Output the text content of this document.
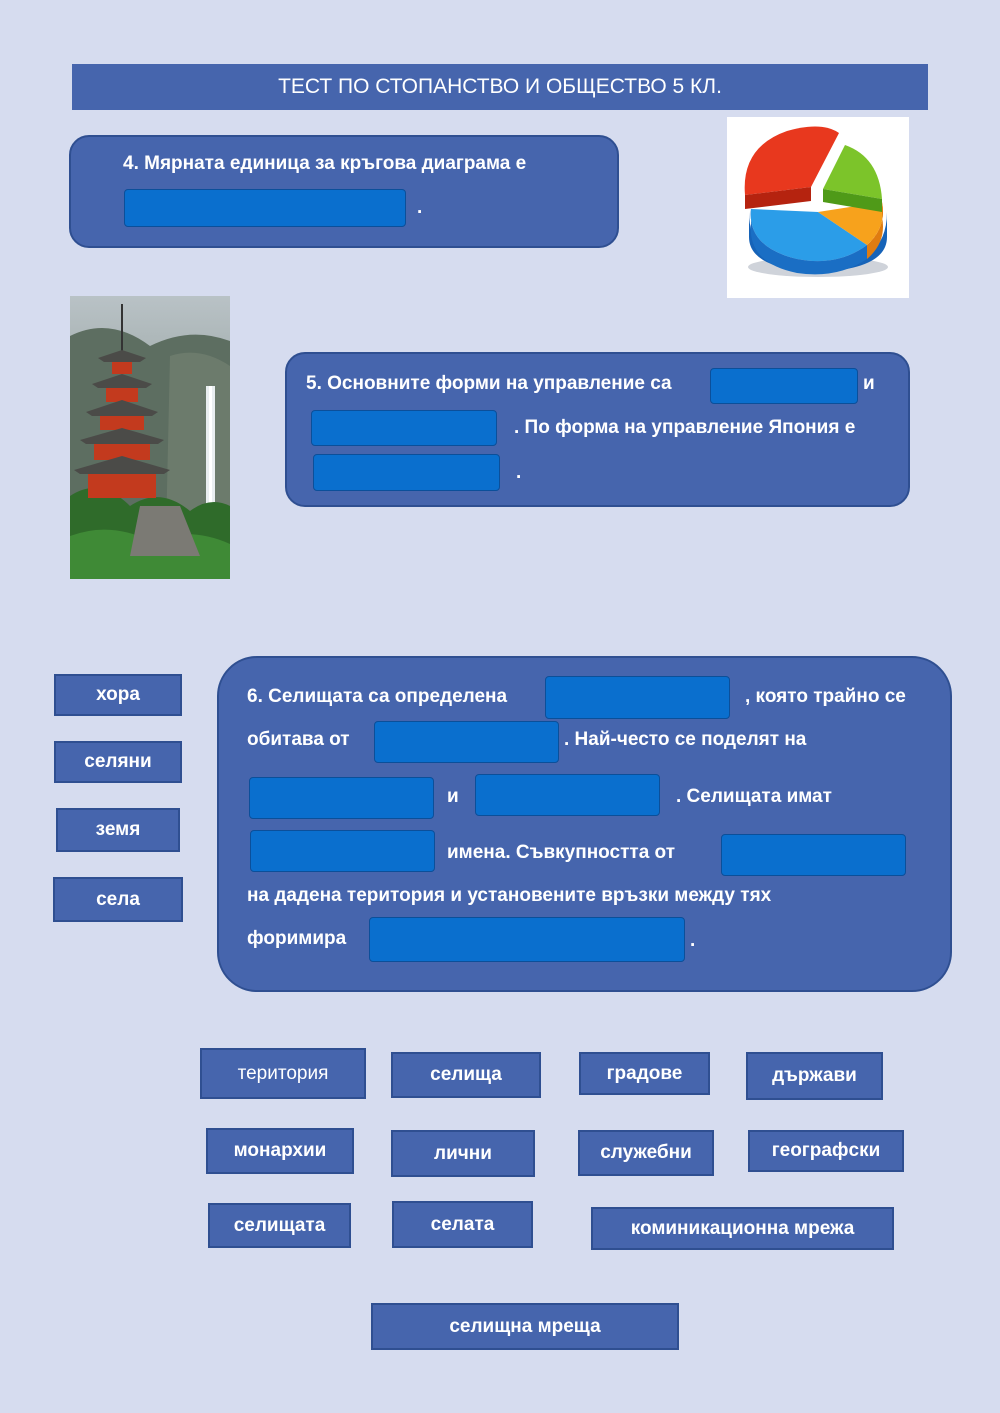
ТЕСТ ПО СТОПАНСТВО И ОБЩЕСТВО 5 КЛ.
4. Мярната единица за кръгова диаграма е
.
5. Основните форми на управление са	и
. По форма на управление Япония е
.
хора
селяни
земя
села
6. Селищата са определена	, която трайно се
обитава от	. Най-често се поделят на
и	. Селищата имат
имена. Съвкупността от
на дадена територия и установените връзки между тях
форимира	.
територия	селища	градове	държави
монархии	лични	служебни	географски
селищата	селата	коминикационна мрежа
селищна мреща
